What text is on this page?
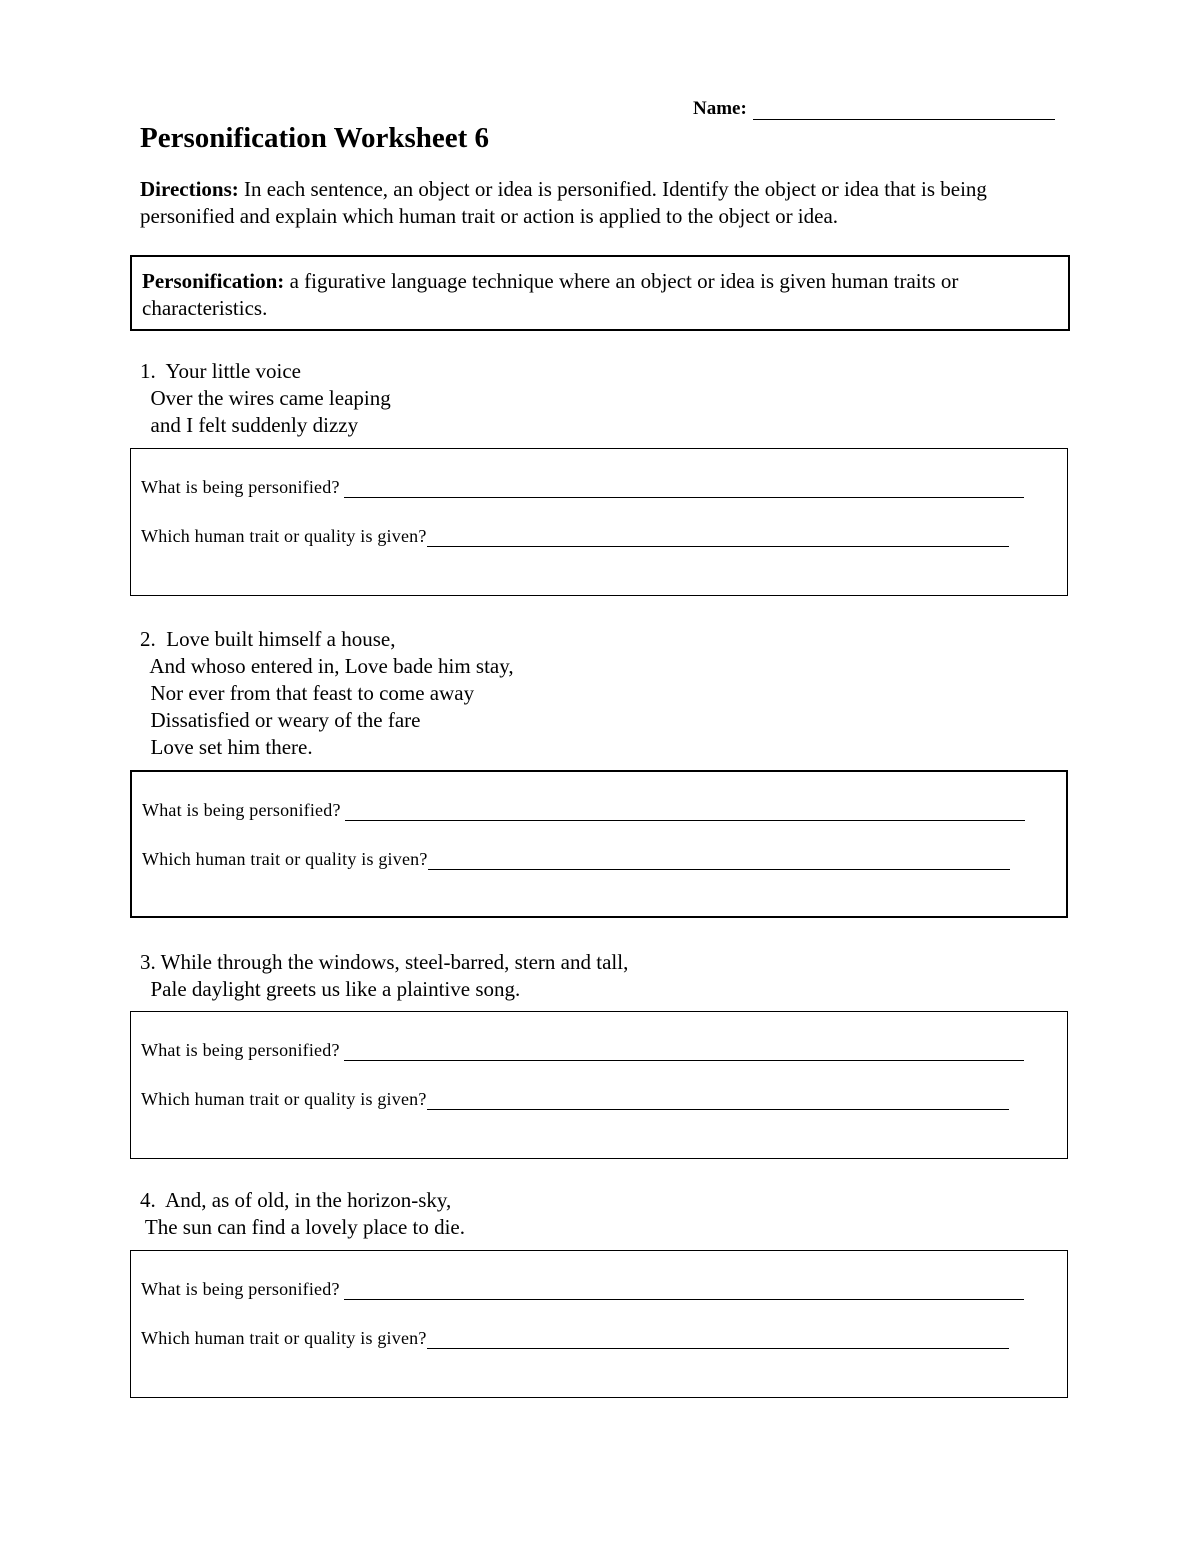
Name:
Personification Worksheet 6

Directions: In each sentence, an object or idea is personified. Identify the object or idea that is being personified and explain which human trait or action is applied to the object or idea.

Personification: a figurative language technique where an object or idea is given human traits or characteristics.

1.  Your little voice
Over the wires came leaping
and I felt suddenly dizzy
What is being personified?
Which human trait or quality is given?
2.  Love built himself a house,
And whoso entered in, Love bade him stay,
Nor ever from that feast to come away
Dissatisfied or weary of the fare
Love set him there.
What is being personified?
Which human trait or quality is given?
3. While through the windows, steel-barred, stern and tall,
Pale daylight greets us like a plaintive song.
What is being personified?
Which human trait or quality is given?
4.  And, as of old, in the horizon-sky,
The sun can find a lovely place to die.
What is being personified?
Which human trait or quality is given?
